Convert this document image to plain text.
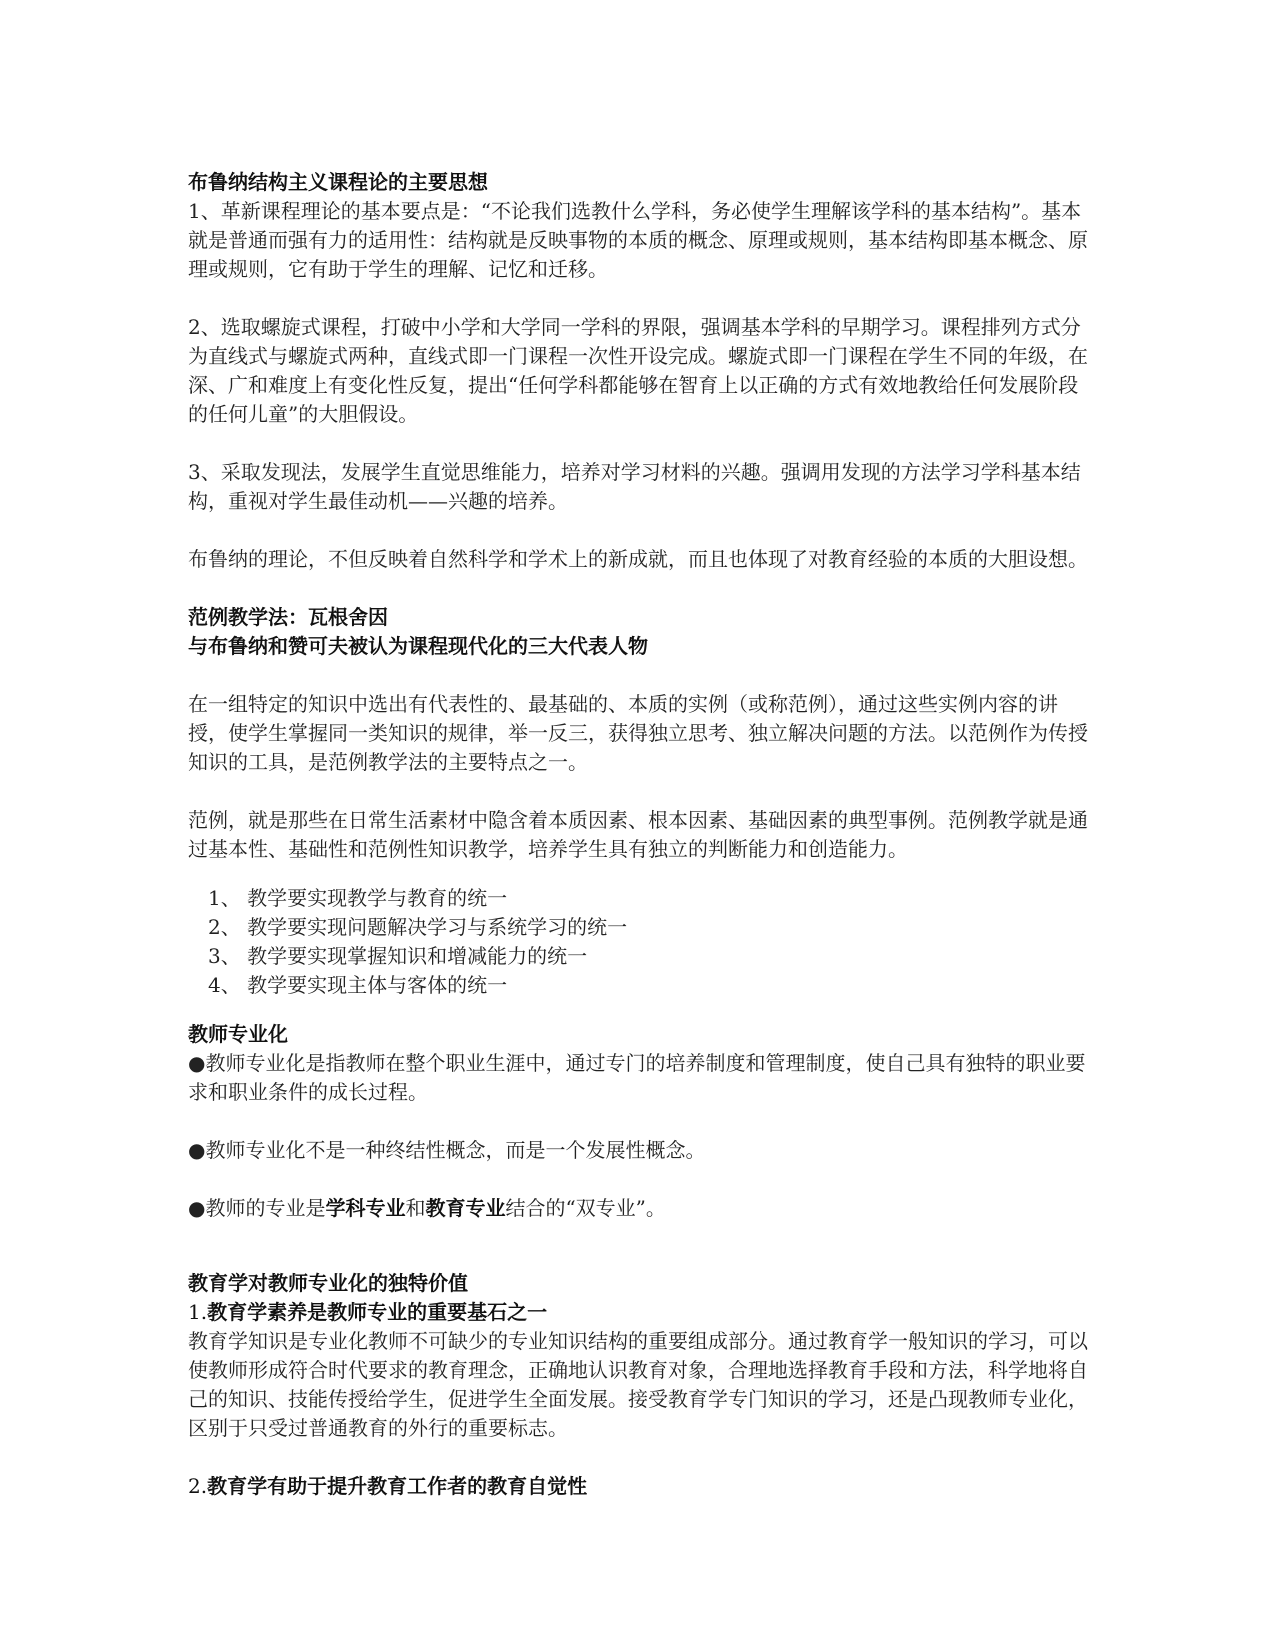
布鲁纳结构主义课程论的主要思想

1、革新课程理论的基本要点是：“不论我们选教什么学科，务必使学生理解该学科的基本结构”。基本就是普通而强有力的适用性：结构就是反映事物的本质的概念、原理或规则，基本结构即基本概念、原理或规则，它有助于学生的理解、记忆和迁移。

2、选取螺旋式课程，打破中小学和大学同一学科的界限，强调基本学科的早期学习。课程排列方式分为直线式与螺旋式两种，直线式即一门课程一次性开设完成。螺旋式即一门课程在学生不同的年级，在深、广和难度上有变化性反复，提出“任何学科都能够在智育上以正确的方式有效地教给任何发展阶段的任何儿童”的大胆假设。

3、采取发现法，发展学生直觉思维能力，培养对学习材料的兴趣。强调用发现的方法学习学科基本结构，重视对学生最佳动机——兴趣的培养。

布鲁纳的理论，不但反映着自然科学和学术上的新成就，而且也体现了对教育经验的本质的大胆设想。

范例教学法：瓦根舍因
与布鲁纳和赞可夫被认为课程现代化的三大代表人物

在一组特定的知识中选出有代表性的、最基础的、本质的实例（或称范例），通过这些实例内容的讲授，使学生掌握同一类知识的规律，举一反三，获得独立思考、独立解决问题的方法。以范例作为传授知识的工具，是范例教学法的主要特点之一。

范例，就是那些在日常生活素材中隐含着本质因素、根本因素、基础因素的典型事例。范例教学就是通过基本性、基础性和范例性知识教学，培养学生具有独立的判断能力和创造能力。

1、 教学要实现教学与教育的统一
2、 教学要实现问题解决学习与系统学习的统一
3、 教学要实现掌握知识和增减能力的统一
4、 教学要实现主体与客体的统一
教师专业化

●教师专业化是指教师在整个职业生涯中，通过专门的培养制度和管理制度，使自己具有独特的职业要求和职业条件的成长过程。

●教师专业化不是一种终结性概念，而是一个发展性概念。

●教师的专业是学科专业和教育专业结合的“双专业”。

教育学对教师专业化的独特价值
1.教育学素养是教师专业的重要基石之一

教育学知识是专业化教师不可缺少的专业知识结构的重要组成部分。通过教育学一般知识的学习，可以使教师形成符合时代要求的教育理念，正确地认识教育对象，合理地选择教育手段和方法，科学地将自己的知识、技能传授给学生，促进学生全面发展。接受教育学专门知识的学习，还是凸现教师专业化，区别于只受过普通教育的外行的重要标志。

2.教育学有助于提升教育工作者的教育自觉性
